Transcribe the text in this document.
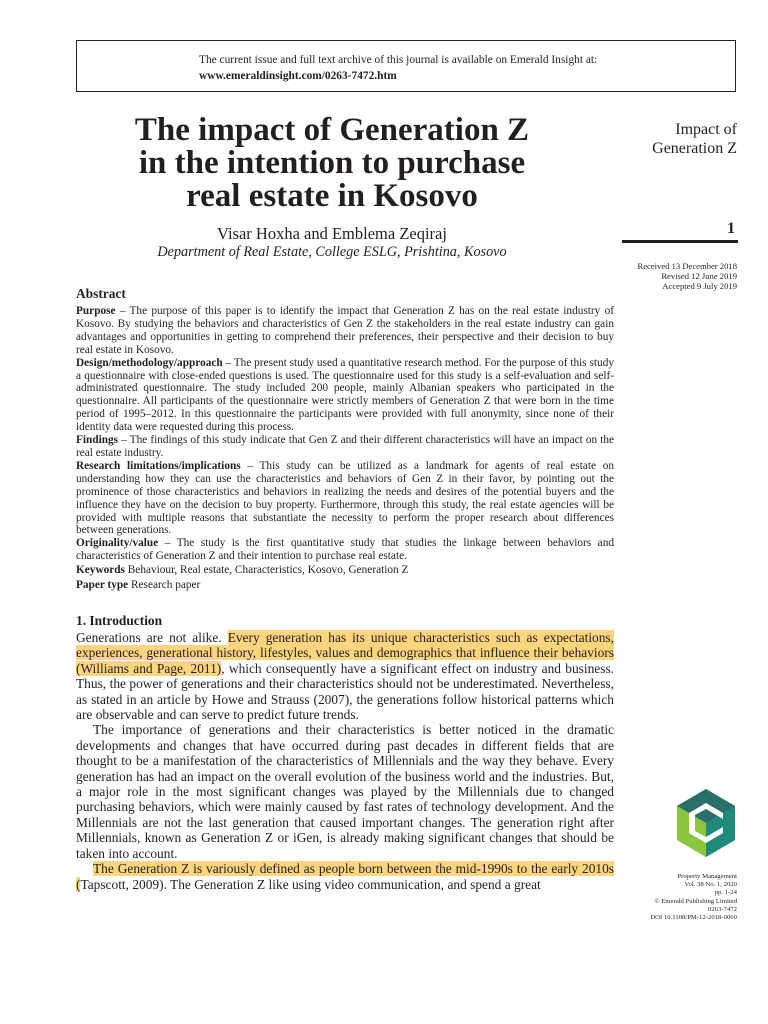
The current issue and full text archive of this journal is available on Emerald Insight at:
www.emeraldinsight.com/0263-7472.htm
The impact of Generation Z
in the intention to purchase
real estate in Kosovo
Visar Hoxha and Emblema Zeqiraj
Department of Real Estate, College ESLG, Prishtina, Kosovo
Impact of
Generation Z
1
Received 13 December 2018
Revised 12 June 2019
Accepted 9 July 2019
Abstract

Purpose – The purpose of this paper is to identify the impact that Generation Z has on the real estate industry of Kosovo. By studying the behaviors and characteristics of Gen Z the stakeholders in the real estate industry can gain advantages and opportunities in getting to comprehend their preferences, their perspective and their decision to buy real estate in Kosovo.

Design/methodology/approach – The present study used a quantitative research method. For the purpose of this study a questionnaire with close-ended questions is used. The questionnaire used for this study is a self-evaluation and self-administrated questionnaire. The study included 200 people, mainly Albanian speakers who participated in the questionnaire. All participants of the questionnaire were strictly members of Generation Z that were born in the time period of 1995–2012. In this questionnaire the participants were provided with full anonymity, since none of their identity data were requested during this process.

Findings – The findings of this study indicate that Gen Z and their different characteristics will have an impact on the real estate industry.

Research limitations/implications – This study can be utilized as a landmark for agents of real estate on understanding how they can use the characteristics and behaviors of Gen Z in their favor, by pointing out the prominence of those characteristics and behaviors in realizing the needs and desires of the potential buyers and the influence they have on the decision to buy property. Furthermore, through this study, the real estate agencies will be provided with multiple reasons that substantiate the necessity to perform the proper research about differences between generations.

Originality/value – The study is the first quantitative study that studies the linkage between behaviors and characteristics of Generation Z and their intention to purchase real estate.

Keywords Behaviour, Real estate, Characteristics, Kosovo, Generation Z
Paper type Research paper
1. Introduction

Generations are not alike. Every generation has its unique characteristics such as expectations, experiences, generational history, lifestyles, values and demographics that influence their behaviors (Williams and Page, 2011), which consequently have a significant effect on industry and business. Thus, the power of generations and their characteristics should not be underestimated. Nevertheless, as stated in an article by Howe and Strauss (2007), the generations follow historical patterns which are observable and can serve to predict future trends.

The importance of generations and their characteristics is better noticed in the dramatic developments and changes that have occurred during past decades in different fields that are thought to be a manifestation of the characteristics of Millennials and the way they behave. Every generation has had an impact on the overall evolution of the business world and the industries. But, a major role in the most significant changes was played by the Millennials due to changed purchasing behaviors, which were mainly caused by fast rates of technology development. And the Millennials are not the last generation that caused important changes. The generation right after Millennials, known as Generation Z or iGen, is already making significant changes that should be taken into account.

The Generation Z is variously defined as people born between the mid-1990s to the early 2010s (Tapscott, 2009). The Generation Z like using video communication, and spend a great	Property Management
Vol. 38 No. 1, 2020
pp. 1-24
© Emerald Publishing Limited
0263-7472
DOI 10.1108/PM-12-2018-0060
